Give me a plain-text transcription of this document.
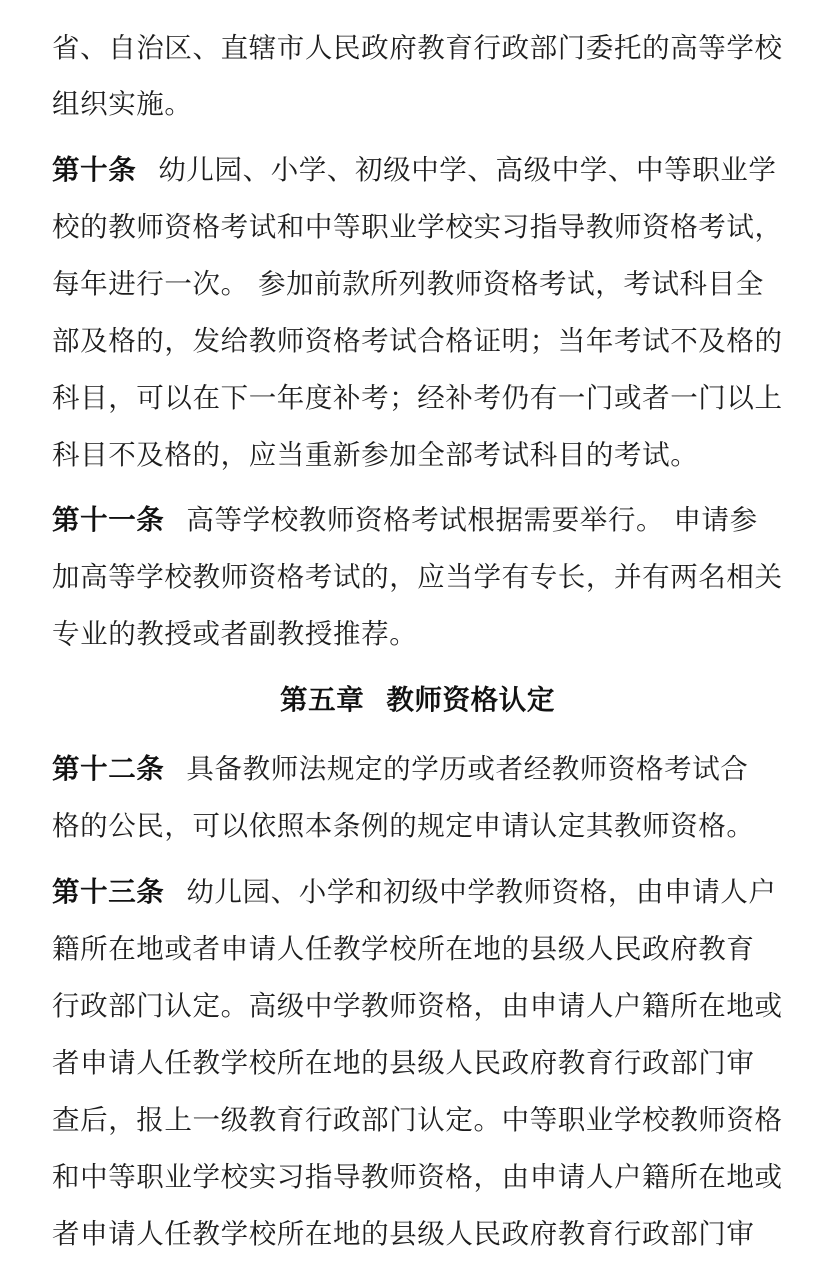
省、自治区、直辖市人民政府教育行政部门委托的高等学校
组织实施。
第十条 幼儿园、小学、初级中学、高级中学、中等职业学
校的教师资格考试和中等职业学校实习指导教师资格考试，
每年进行一次。 参加前款所列教师资格考试，考试科目全
部及格的，发给教师资格考试合格证明；当年考试不及格的
科目，可以在下一年度补考；经补考仍有一门或者一门以上
科目不及格的，应当重新参加全部考试科目的考试。
第十一条 高等学校教师资格考试根据需要举行。 申请参
加高等学校教师资格考试的，应当学有专长，并有两名相关
专业的教授或者副教授推荐。
第五章 教师资格认定
第十二条 具备教师法规定的学历或者经教师资格考试合
格的公民，可以依照本条例的规定申请认定其教师资格。
第十三条 幼儿园、小学和初级中学教师资格，由申请人户
籍所在地或者申请人任教学校所在地的县级人民政府教育
行政部门认定。高级中学教师资格，由申请人户籍所在地或
者申请人任教学校所在地的县级人民政府教育行政部门审
查后，报上一级教育行政部门认定。中等职业学校教师资格
和中等职业学校实习指导教师资格，由申请人户籍所在地或
者申请人任教学校所在地的县级人民政府教育行政部门审
